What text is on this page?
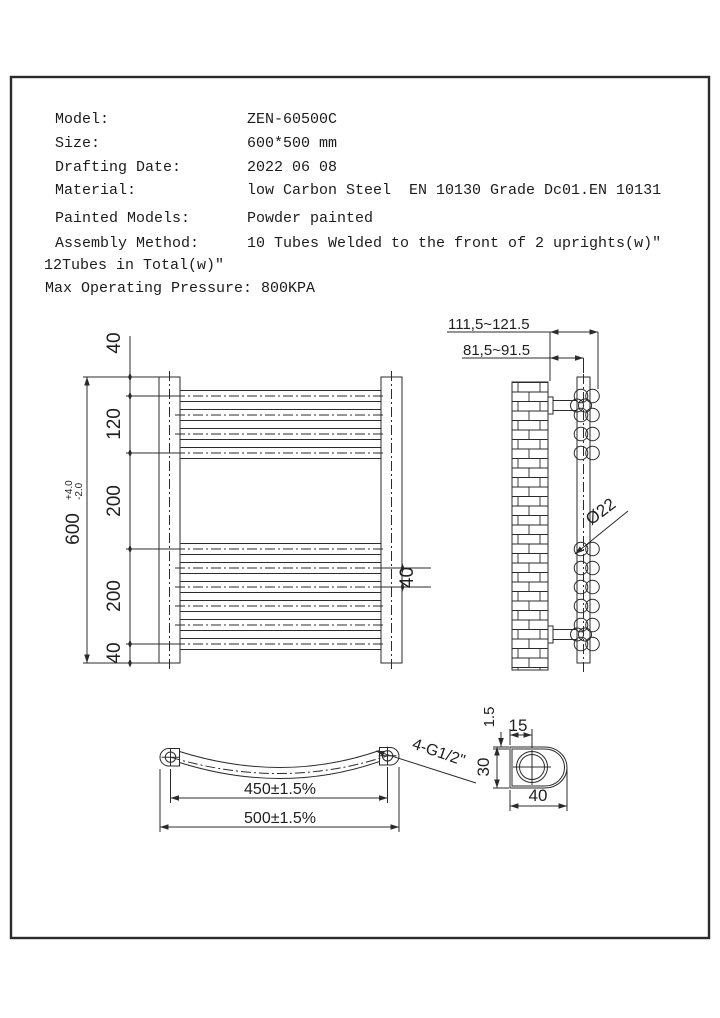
40
120
200
200
40
600
+4.0 -2.0
40
111,5~121.5
81,5~91.5
Ø22
450±1.5%
500±1.5%
4-G1/2"
1.5 15
30
40
Model:	ZEN-60500C
Size:	600*500 mm
Drafting Date:	2022 06 08
Material:	low Carbon Steel  EN 10130 Grade Dc01.EN 10131
Painted Models:	Powder painted
Assembly Method:	10 Tubes Welded to the front of 2 uprights(w)″
12Tubes in Total(w)″
Max Operating Pressure: 800KPA
